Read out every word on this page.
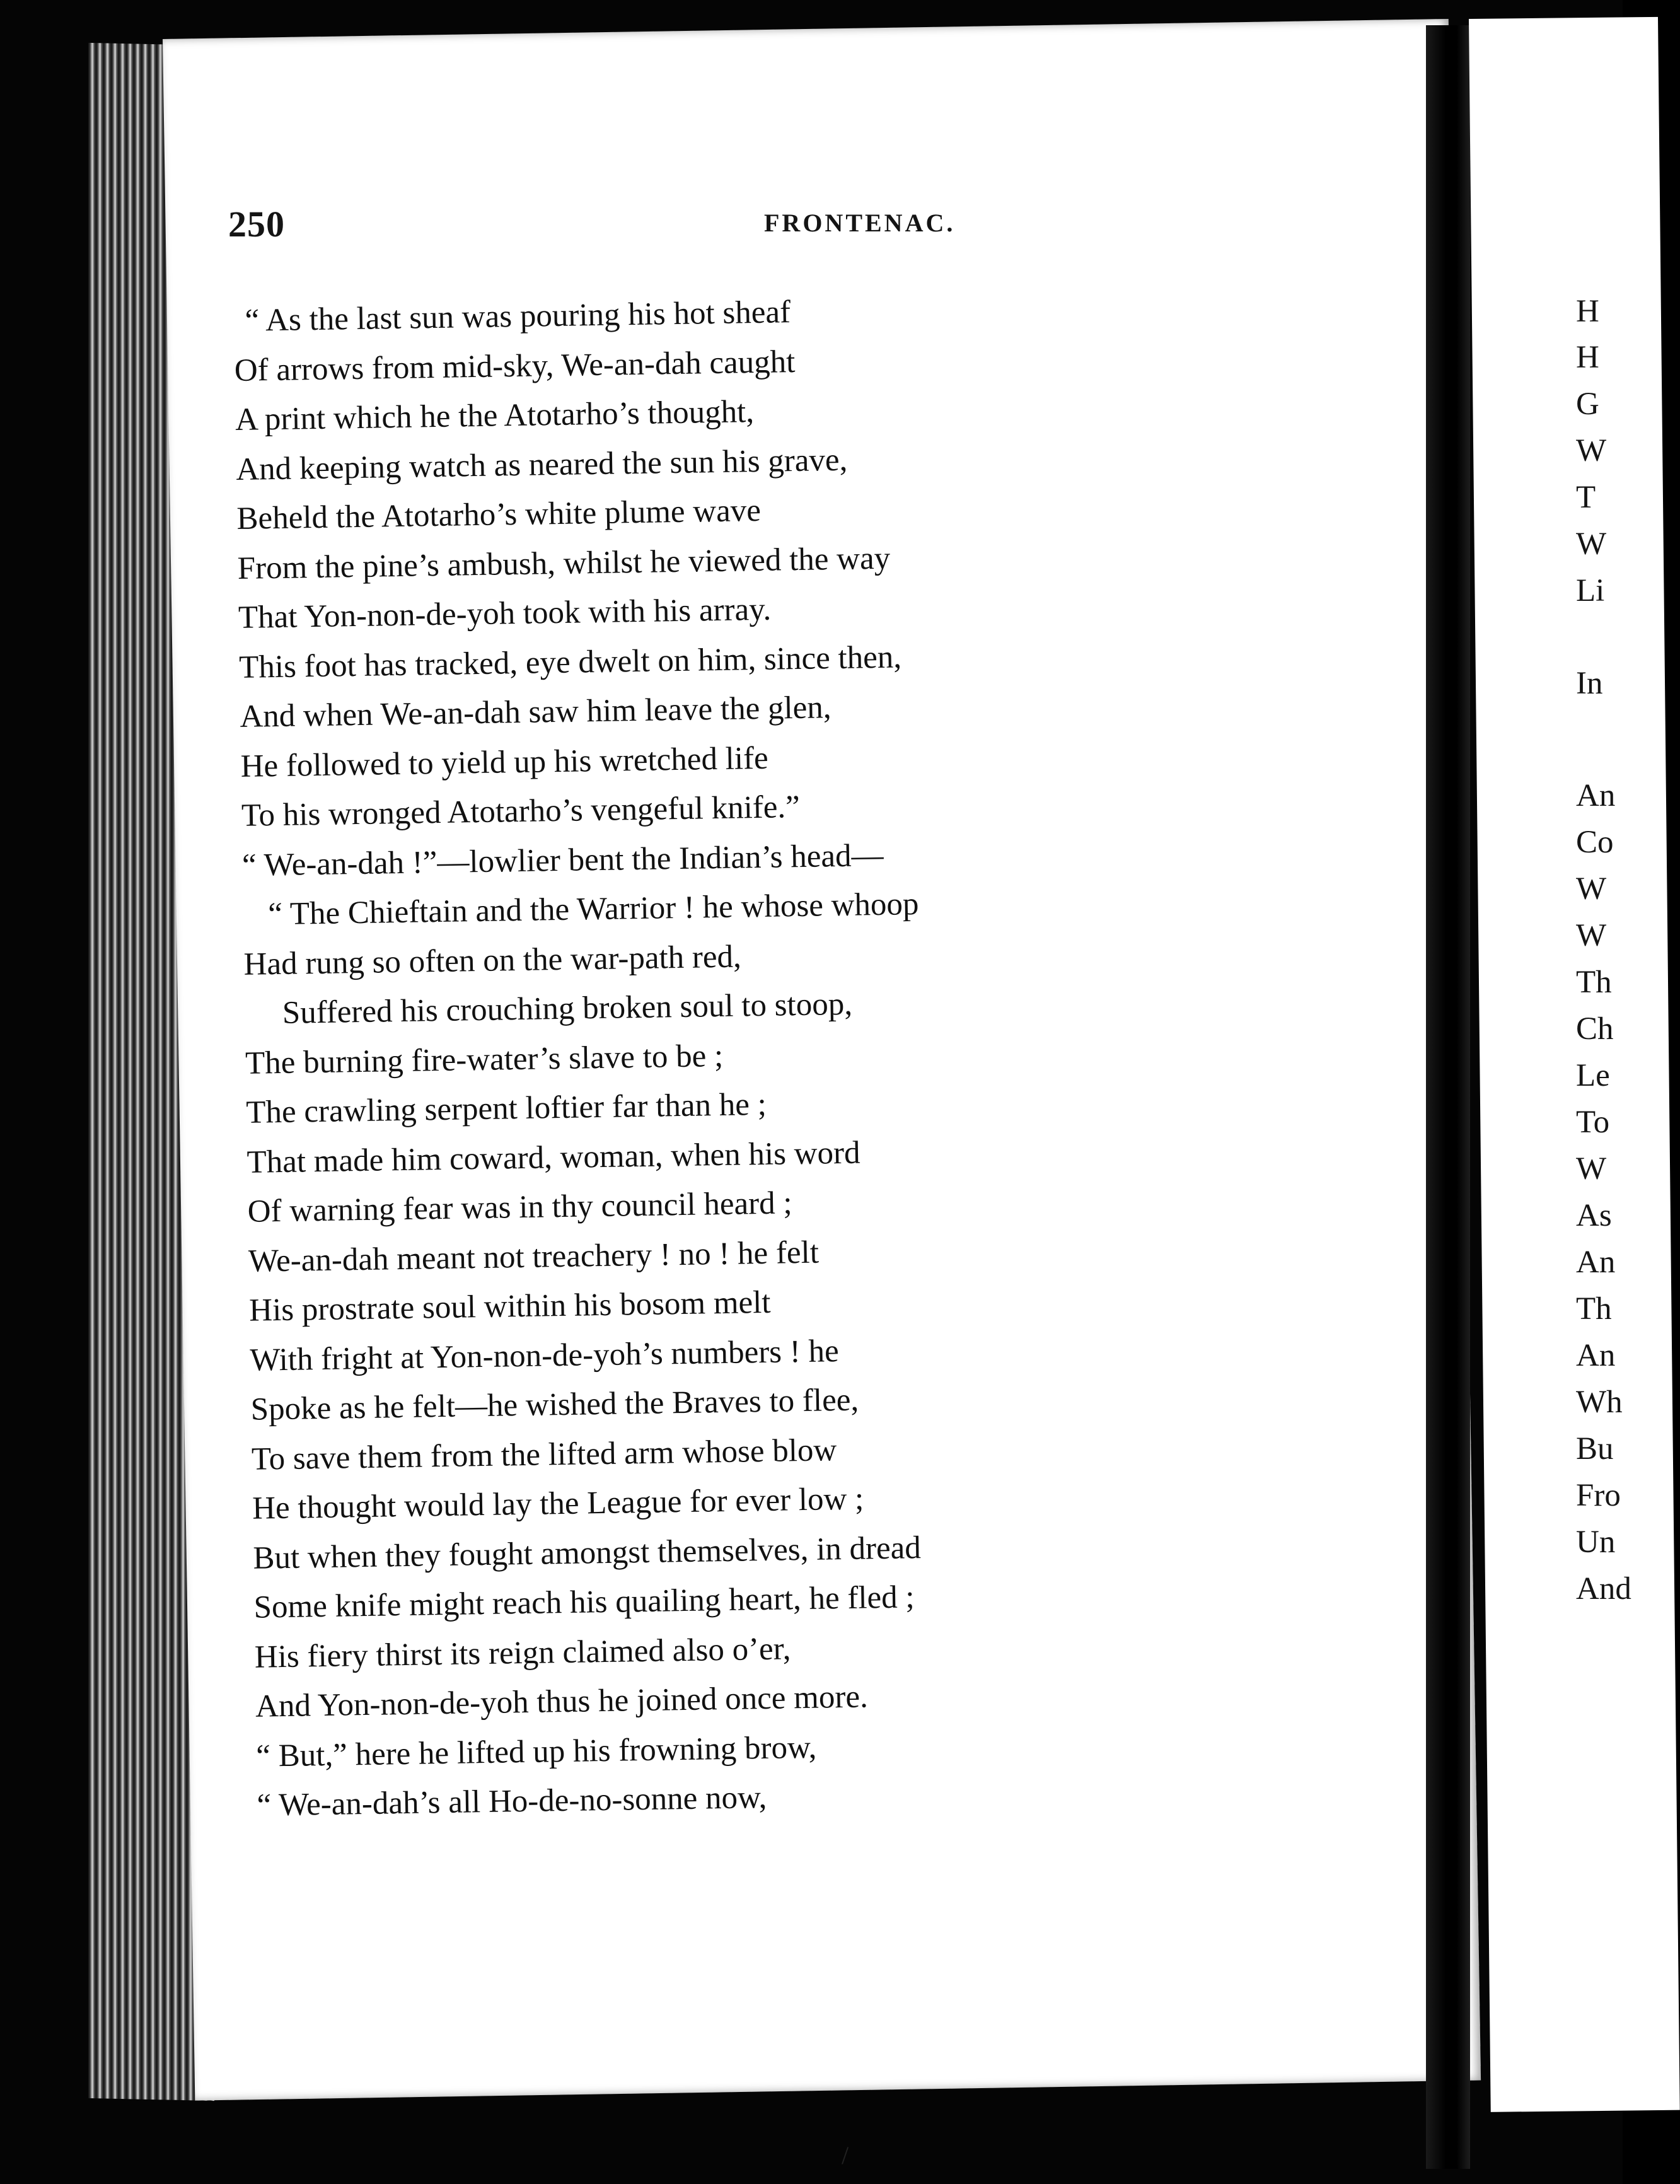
250	FRONTENAC.
“ As the last sun was pouring his hot sheaf
Of arrows from mid-sky, We-an-dah caught
A print which he the Atotarho’s thought,
And keeping watch as neared the sun his grave,
Beheld the Atotarho’s white plume wave
From the pine’s ambush, whilst he viewed the way
That Yon-non-de-yoh took with his array.
This foot has tracked, eye dwelt on him, since then,
And when We-an-dah saw him leave the glen,
He followed to yield up his wretched life
To his wronged Atotarho’s vengeful knife.”
“ We-an-dah !”—lowlier bent the Indian’s head—
“ The Chieftain and the Warrior ! he whose whoop
Had rung so often on the war-path red,
Suffered his crouching broken soul to stoop,
The burning fire-water’s slave to be ;
The crawling serpent loftier far than he ;
That made him coward, woman, when his word
Of warning fear was in thy council heard ;
We-an-dah meant not treachery ! no ! he felt
His prostrate soul within his bosom melt
With fright at Yon-non-de-yoh’s numbers ! he
Spoke as he felt—he wished the Braves to flee,
To save them from the lifted arm whose blow
He thought would lay the League for ever low ;
But when they fought amongst themselves, in dread
Some knife might reach his quailing heart, he fled ;
His fiery thirst its reign claimed also o’er,
And Yon-non-de-yoh thus he joined once more.
“ But,” here he lifted up his frowning brow,
“ We-an-dah’s all Ho-de-no-sonne now,
H
H
G
W
T
W
Li
In
An
Co
W
W
Th
Ch
Le
To
W
As
An
Th
An
Wh
Bu
Fro
Un
And
/
